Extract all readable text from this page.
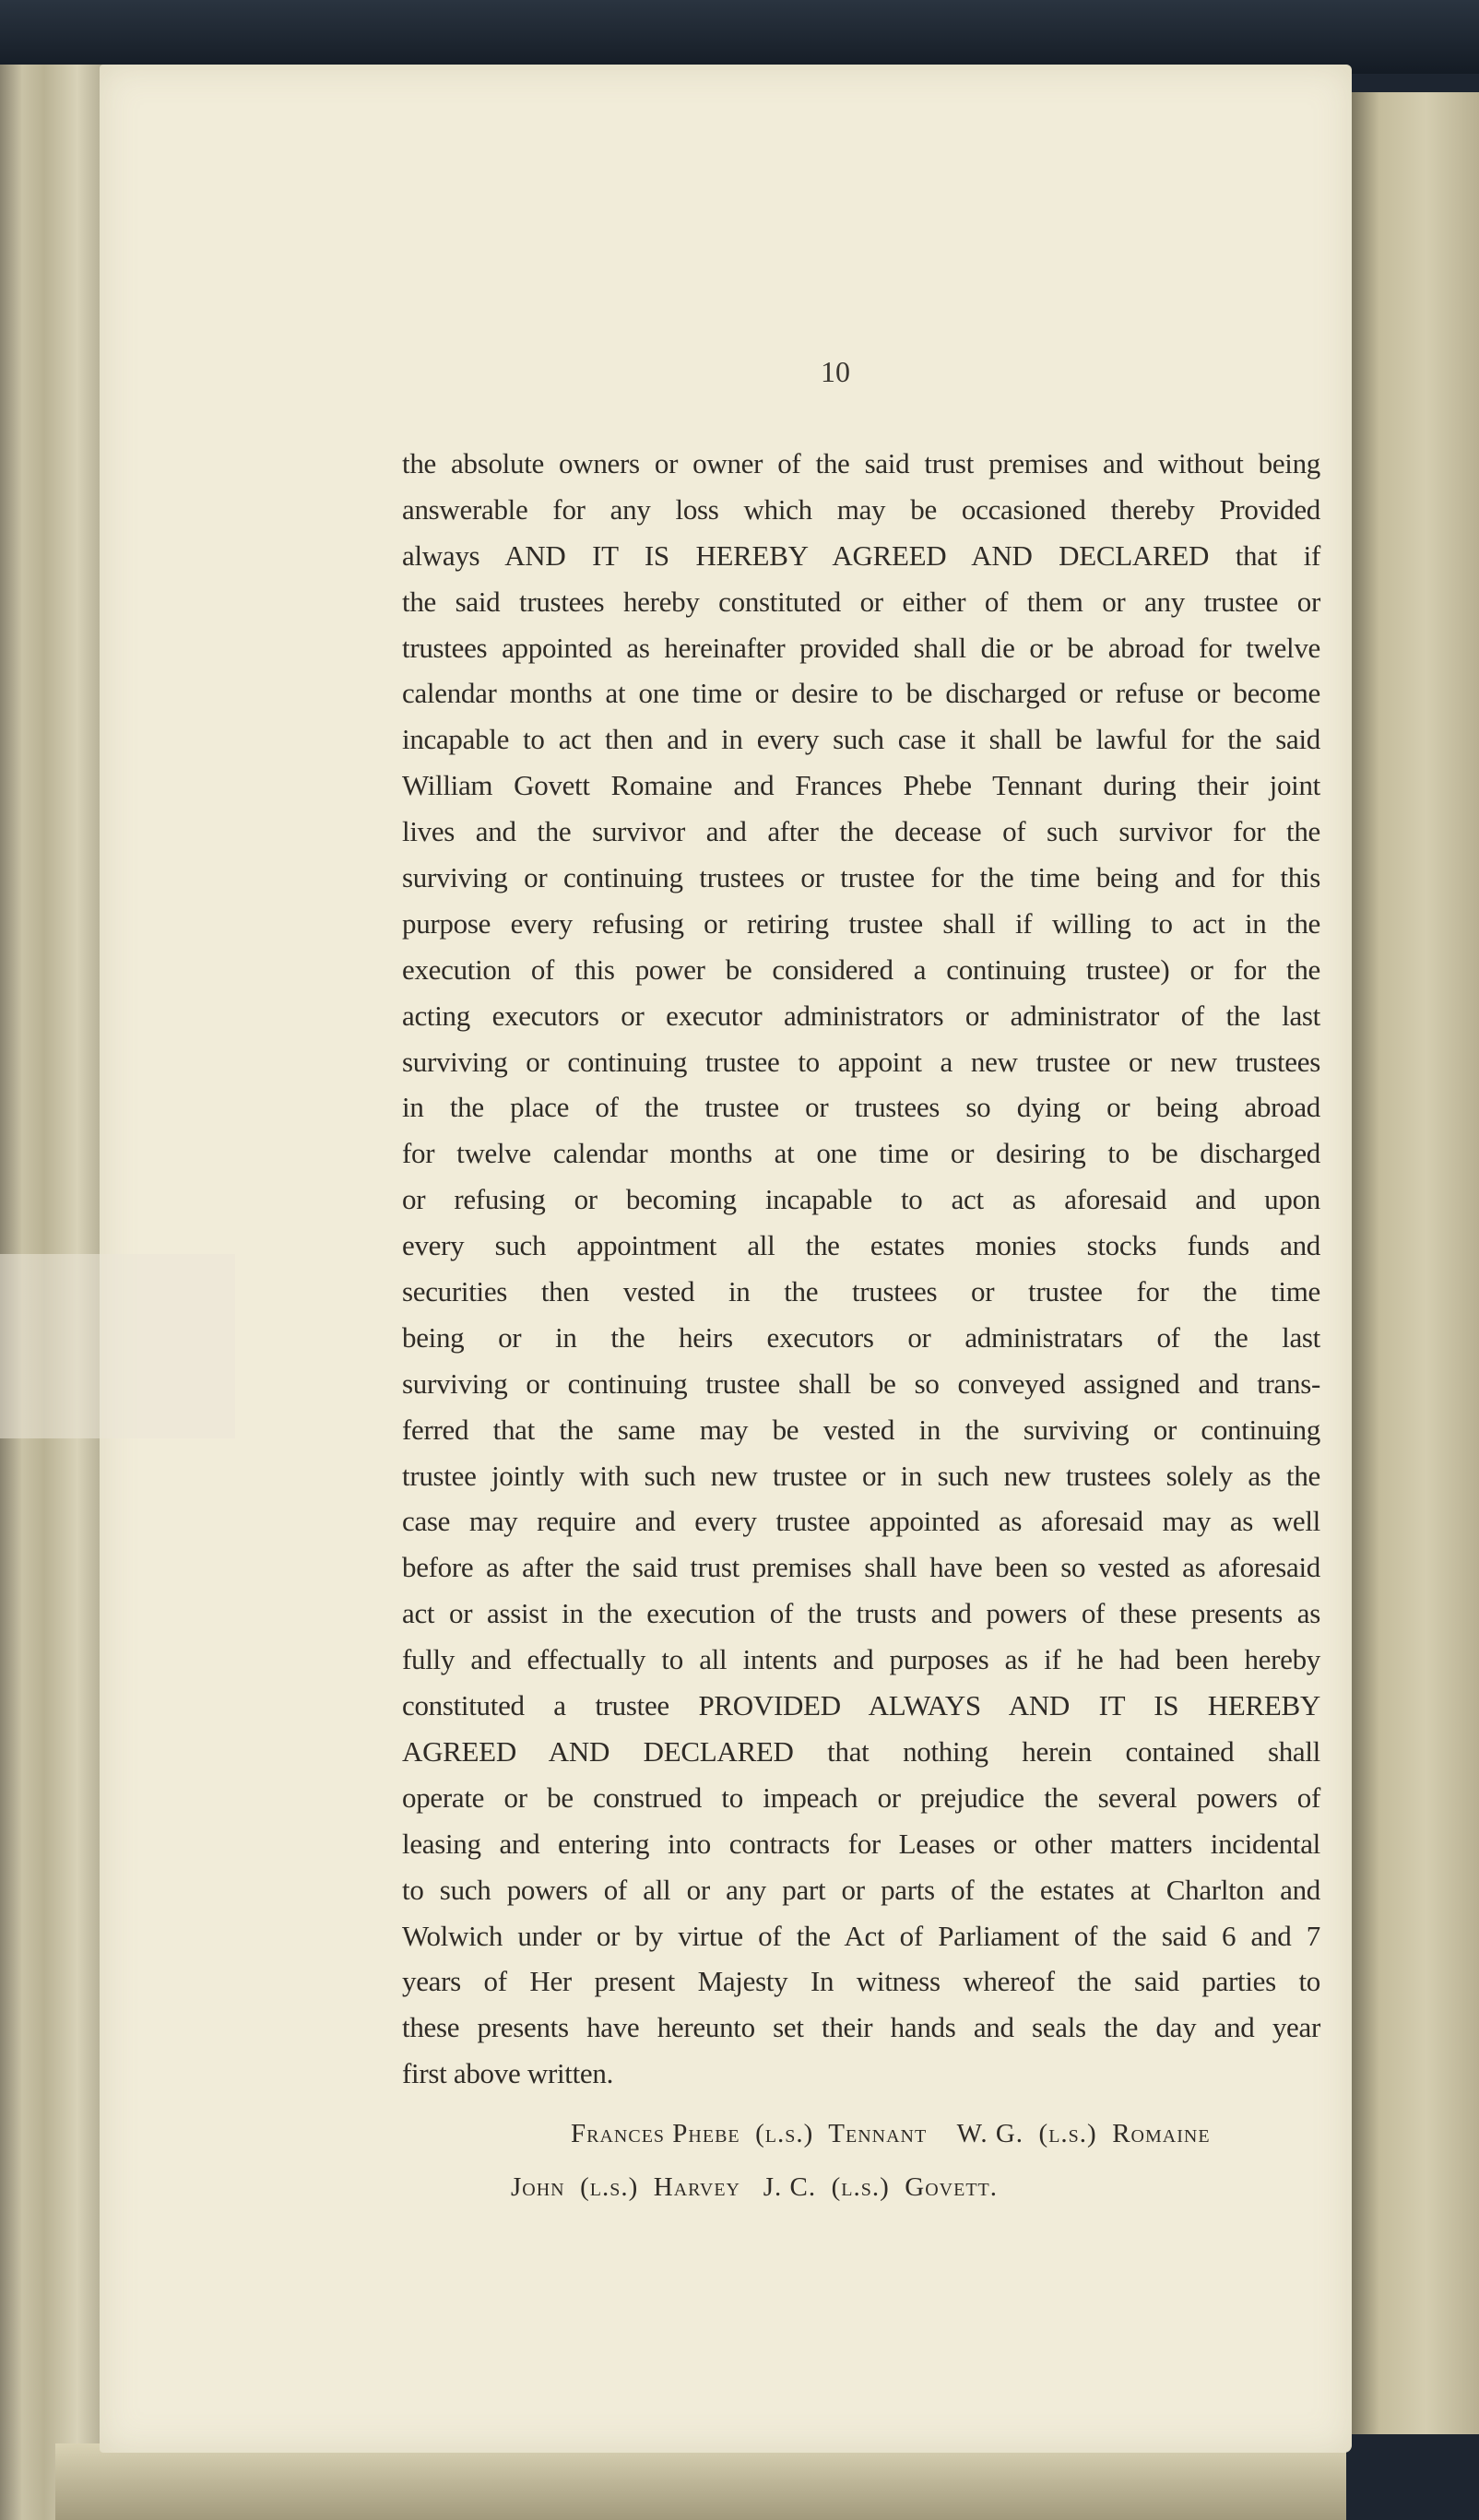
10
the absolute owners or owner of the said trust premises and without being
answerable for any loss which may be occasioned thereby Provided
always AND IT IS HEREBY AGREED AND DECLARED that if
the said trustees hereby constituted or either of them or any trustee or
trustees appointed as hereinafter provided shall die or be abroad for twelve
calendar months at one time or desire to be discharged or refuse or become
incapable to act then and in every such case it shall be lawful for the said
William Govett Romaine and Frances Phebe Tennant during their joint
lives and the survivor and after the decease of such survivor for the
surviving or continuing trustees or trustee for the time being and for this
purpose every refusing or retiring trustee shall if willing to act in the
execution of this power be considered a continuing trustee) or for the
acting executors or executor administrators or administrator of the last
surviving or continuing trustee to appoint a new trustee or new trustees
in the place of the trustee or trustees so dying or being abroad
for twelve calendar months at one time or desiring to be discharged
or refusing or becoming incapable to act as aforesaid and upon
every such appointment all the estates monies stocks funds and
securities then vested in the trustees or trustee for the time
being or in the heirs executors or administratars of the last
surviving or continuing trustee shall be so conveyed assigned and trans-
ferred that the same may be vested in the surviving or continuing
trustee jointly with such new trustee or in such new trustees solely as the
case may require and every trustee appointed as aforesaid may as well
before as after the said trust premises shall have been so vested as aforesaid
act or assist in the execution of the trusts and powers of these presents as
fully and effectually to all intents and purposes as if he had been hereby
constituted a trustee PROVIDED ALWAYS AND IT IS HEREBY
AGREED AND DECLARED that nothing herein contained shall
operate or be construed to impeach or prejudice the several powers of
leasing and entering into contracts for Leases or other matters incidental
to such powers of all or any part or parts of the estates at Charlton and
Wolwich under or by virtue of the Act of Parliament of the said 6 and 7
years of Her present Majesty In witness whereof the said parties to
these presents have hereunto set their hands and seals the day and year
first above written.
Frances Phebe  (l.s.)  Tennant    W. G.  (l.s.)  Romaine
John  (l.s.)  Harvey   J. C.  (l.s.)  Govett.
